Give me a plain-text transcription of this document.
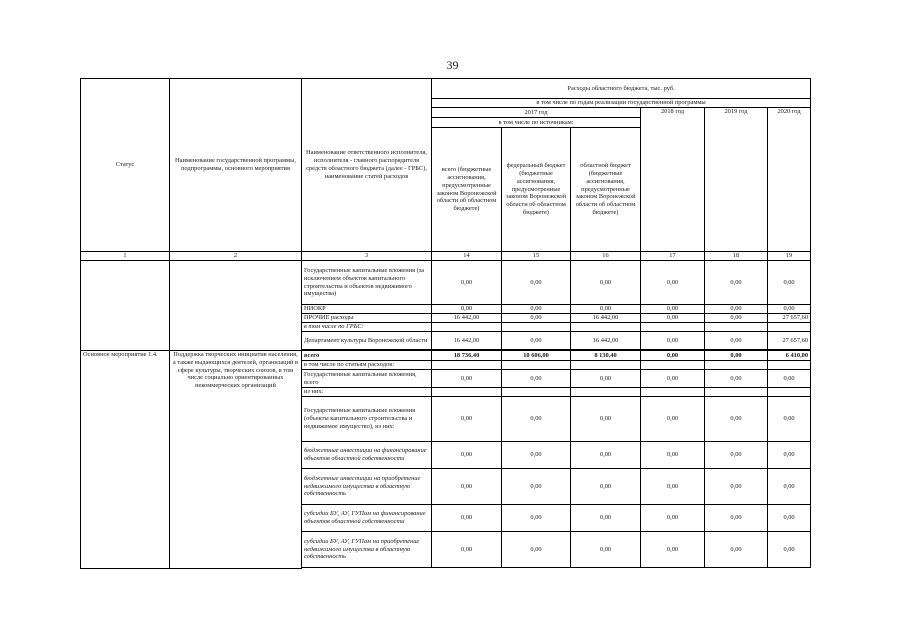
39
Статус	Наименование государственной программы, подпрограммы, основного мероприятия	Наименование ответственного исполнителя, исполнителя - главного распорядителя средств областного бюджета (далее - ГРБС), наименование статей расходов	Расходы областного бюджета, тыс. руб.					
			в том числе по годам реализации государственной программы					
			2017 год			2018 год	2019 год	2020 год
			в том числе по источникам:					
			всего (бюджетные ассигнования, предусмотренные законом Воронежской области об областном бюджете)	федеральный бюджет (бюджетные ассигнования, предусмотренные законом Воронежской области об областном бюджете)	областной бюджет (бюджетные ассигнования, предусмотренные законом Воронежской области об областном бюджете)			
1	2	3	14	15	16	17	18	19
		Государственные капитальные вложения (за исключением объектов капитального строительства и объектов недвижимого имущества)	0,00	0,00	0,00	0,00	0,00	0,00
		НИОКР	0,00	0,00	0,00	0,00	0,00	0,00
		ПРОЧИЕ расходы	16 442,00	0,00	16 442,00	0,00	0,00	27 657,60
		в том числе по ГРБС:						
		Департамент культуры Воронежской области	16 442,00	0,00	16 442,00	0,00	0,00	27 657,60

Основное мероприятие 1.4.	Поддержка творческих инициатив населения, а также выдающихся деятелей, организаций в сфере культуры, творческих союзов, в том числе социально ориентированных некоммерческих организаций	всего	18 736,40	10 606,00	8 130,40	0,00	0,00	6 410,00
		в том числе по статьям расходов:						
		Государственные капитальные вложения, всего	0,00	0,00	0,00	0,00	0,00	0,00
		из них:						
		Государственные капитальные вложения (объекты капитального строительства и недвижимое имущество), из них:	0,00	0,00	0,00	0,00	0,00	0,00
		бюджетные инвестиции на финансирование объектов областной собственности	0,00	0,00	0,00	0,00	0,00	0,00
		бюджетные инвестиции на приобретение недвижимого имущества в областную собственность	0,00	0,00	0,00	0,00	0,00	0,00
		субсидии БУ, АУ, ГУПам на финансирование объектов областной собственности	0,00	0,00	0,00	0,00	0,00	0,00
		субсидии БУ, АУ, ГУПам на приобретение недвижимого имущества в областную собственность	0,00	0,00	0,00	0,00	0,00	0,00
